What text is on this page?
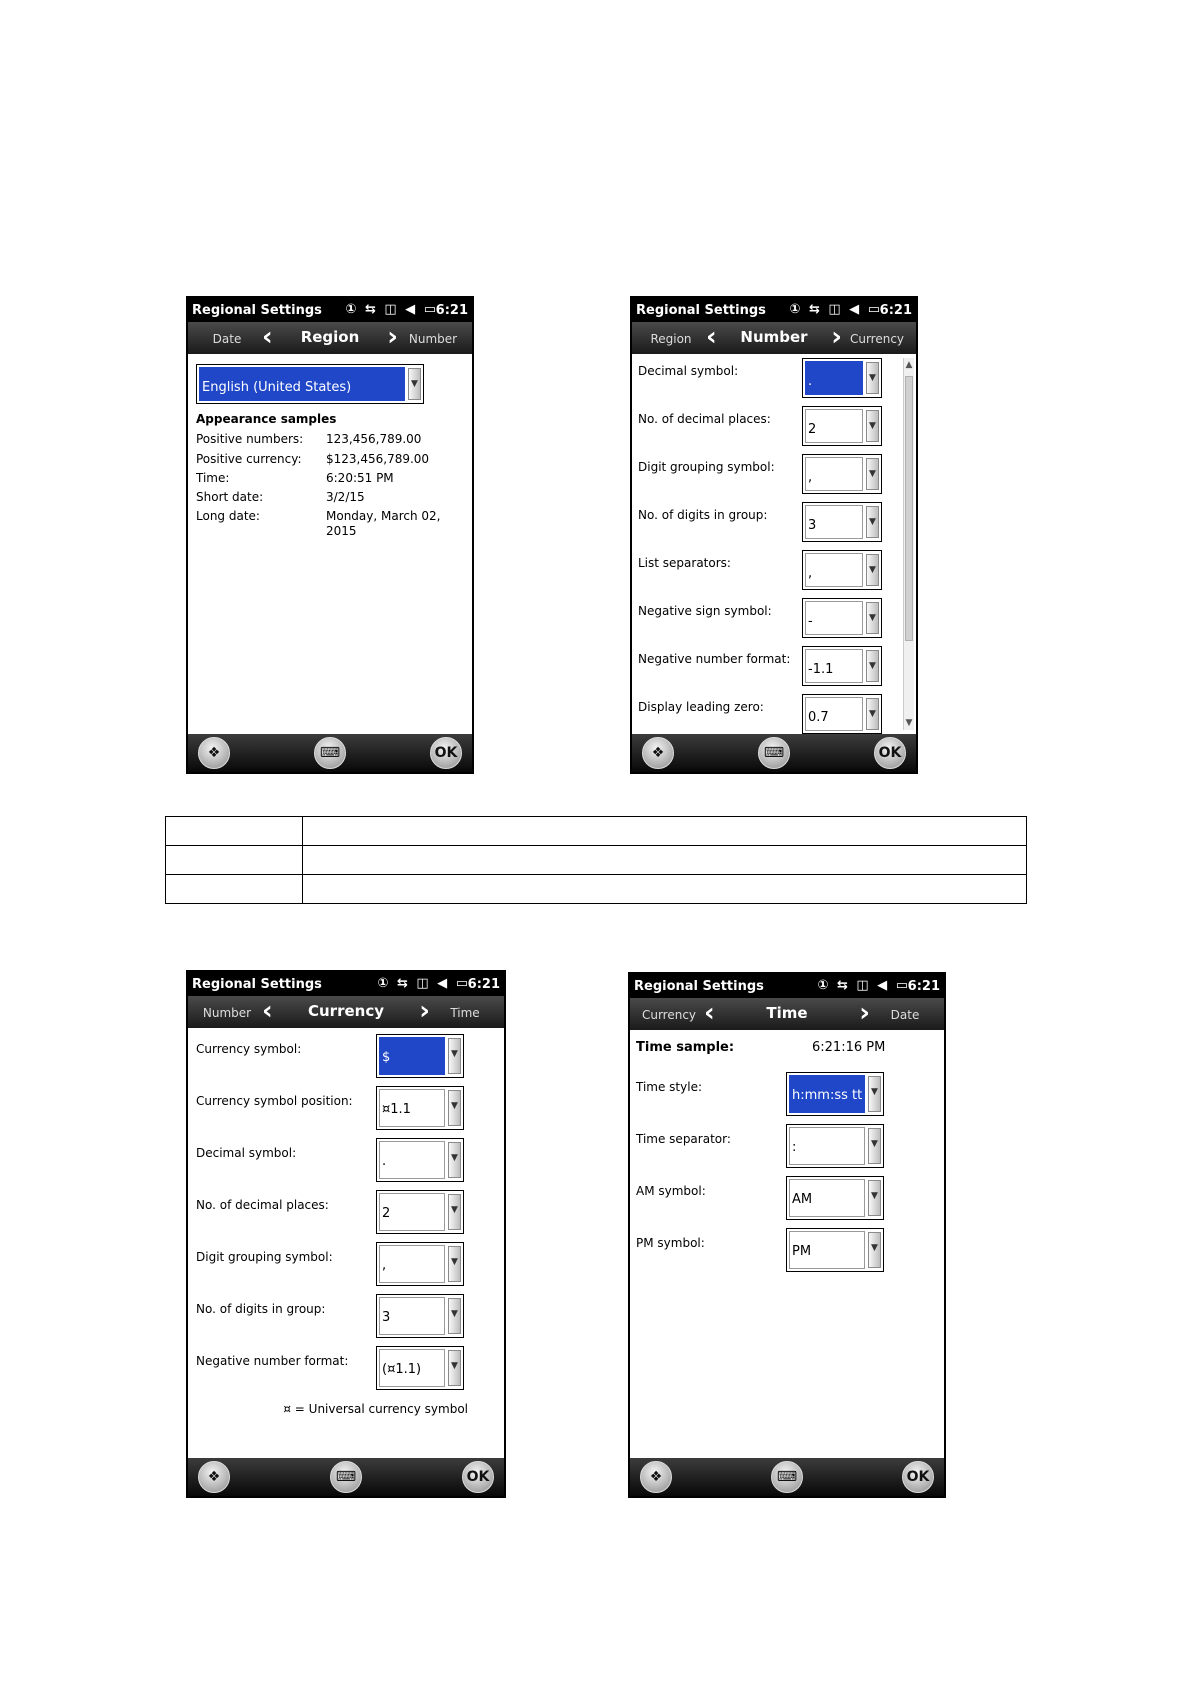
Regional Settings ① ⇆ ◫ ◀ ▭
6:21
Date ‹	Region	› Number
English (United States)	▼
Appearance samples
Positive numbers: 123,456,789.00
Positive currency: $123,456,789.00
Time:	6:20:51 PM
Short date:	3/2/15
Long date:	Monday, March 02,
2015
❖	⌨	OK
Regional Settings ① ⇆ ◫ ◀ ▭
6:21
Region ‹	Number › Currency
Decimal symbol:
.	▼
No. of decimal places:
2	▼
Digit grouping symbol:
,	▼
No. of digits in group:
3	▼
List separators:
,	▼
Negative sign symbol:
-	▼
Negative number format:
-1.1	▼
Display leading zero:
0.7	▼
▲
▼
❖	⌨	OK

Regional Settings	① ⇆ ◫ ◀ ▭
6:21
Number ‹	Currency	›	Time
Currency symbol:
$	▼
Currency symbol position:
¤1.1	▼
Decimal symbol:
.	▼
No. of decimal places:
2	▼
Digit grouping symbol:
,	▼
No. of digits in group:
3	▼
Negative number format:
(¤1.1)	▼
¤ = Universal currency symbol
❖	⌨	OK
Regional Settings	① ⇆ ◫ ◀ ▭
6:21
Currency ‹	Time	›	Date
Time sample:	6:21:16 PM
Time style:
h:mm:ss tt ▼
Time separator:
:	▼
AM symbol:
AM	▼
PM symbol:
PM	▼
❖	⌨	OK
